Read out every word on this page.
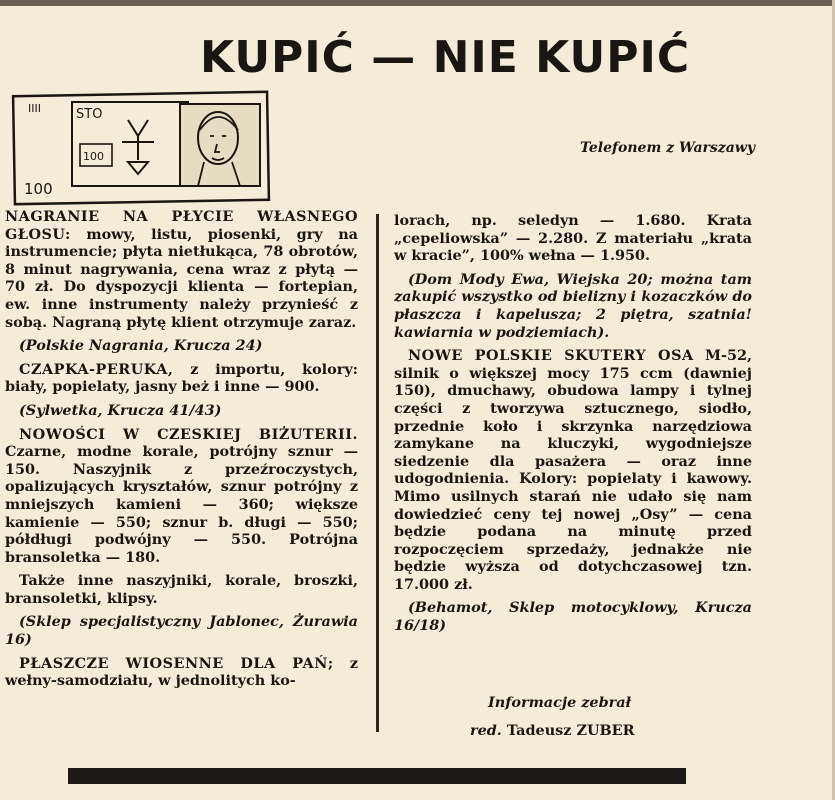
KUPIĆ — NIE KUPIĆ
IIII	STO
100
100
Telefonem z Warszawy

NAGRANIE NA PŁYCIE WŁASNEGO GŁOSU: mowy, listu, piosenki, gry na instrumencie; płyta nietłukąca, 78 obrotów, 8 minut nagrywania, cena wraz z płytą — 70 zł. Do dyspozycji klienta — fortepian, ew. inne instrumenty należy przynieść z sobą. Nagraną płytę klient otrzymuje zaraz.

(Polskie Nagrania, Krucza 24)

CZAPKA-PERUKA, z importu, kolory: biały, popielaty, jasny beż i inne — 900.

(Sylwetka, Krucza 41/43)

NOWOŚCI W CZESKIEJ BIŻUTERII. Czarne, modne korale, potrójny sznur — 150. Naszyjnik z przeźroczystych, opalizujących kryształów, sznur potrójny z mniejszych kamieni — 360; większe kamienie — 550; sznur b. długi — 550; półdługi podwójny — 550. Potrójna bransoletka — 180.

Także inne naszyjniki, korale, broszki, bransoletki, klipsy.

(Sklep specjalistyczny Jablonec, Żurawia 16)

PŁASZCZE WIOSENNE DLA PAŃ; z wełny-samodziału, w jednolitych ko-

lorach, np. seledyn — 1.680. Krata „cepeliowska” — 2.280. Z materiału „krata w kracie”, 100% wełna — 1.950.

(Dom Mody Ewa, Wiejska 20; można tam zakupić wszystko od bielizny i kozaczków do płaszcza i kapelusza; 2 piętra, szatnia! kawiarnia w podziemiach).

NOWE POLSKIE SKUTERY OSA M-52, silnik o większej mocy 175 ccm (dawniej 150), dmuchawy, obudowa lampy i tylnej części z tworzywa sztucznego, siodło, przednie koło i skrzynka narzędziowa zamykane na kluczyki, wygodniejsze siedzenie dla pasażera — oraz inne udogodnienia. Kolory: popielaty i kawowy. Mimo usilnych starań nie udało się nam dowiedzieć ceny tej nowej „Osy” — cena będzie podana na minutę przed rozpoczęciem sprzedaży, jednakże nie będzie wyższa od dotychczasowej tzn. 17.000 zł.

(Behamot, Sklep motocyklowy, Krucza 16/18)

Informacje zebrał
red. Tadeusz ZUBER
